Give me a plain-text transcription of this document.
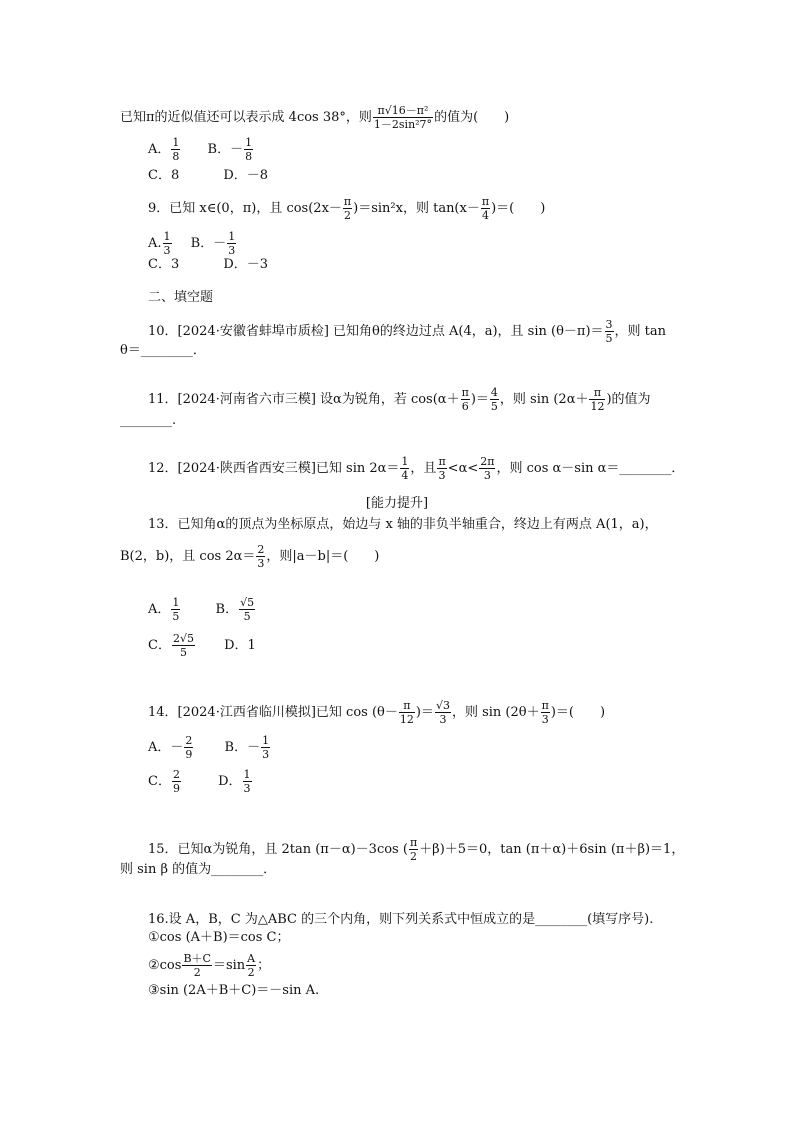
已知π的近似值还可以表示成 4cos 38°，则 $\frac{\text{π√16－π²}}{\text{1－2sin²7°}}$ 的值为(　　)
A． $\frac{1}{8}$ B．－ $\frac{1}{8}$
C．8	D．－8
9．已知 x∈(0，π)，且 $\cos(2x- \frac{\pi}{2} )=\sin^2x$，则 $\tan(x- \frac{\pi}{4}$ )＝(　　)
A. $\frac{1}{3}$ B．－ $\frac{1}{3}$
C．3	D．－3
二、填空题
10．[2024·安徽省蚌埠市质检] 已知角θ的终边过点 A(4，a)，且 $\sin (\theta-\pi)= \frac{3}{5}$ ，则 tan
θ＝________．
11．[2024·河南省六市三模] 设α为锐角，若 $\cos(\alpha+ \frac{\pi}{6}$ )＝ $\frac{4}{5}$ ，则 $\sin (2\alpha+ \frac{\pi}{12}$ )的值为
________.
12．[2024·陕西省西安三模]已知 $\sin 2\alpha= \frac{1}{4}$ ，且 $\frac{\pi}{3} <\alpha< \frac{2\pi}{3}$ ，则 cos α－sin α＝________．
[能力提升]
13．已知角α的顶点为坐标原点，始边与 x 轴的非负半轴重合，终边上有两点 A(1，a)，
B(2，b)，且 $\cos 2\alpha= \frac{2}{3}$ ，则|a－b|＝(　　)
A． $\frac{1}{5}$	B． $\frac{√5}{5}$
C． $\frac{2√5}{5}$ D．1
14．[2024·江西省临川模拟]已知 $\cos (\theta- \frac{\pi}{12}$ )＝ $\frac{√3}{3}$ ，则 $\sin (2\theta+ \frac{\pi}{3}$ )＝(　　)
A．－ $\frac{2}{9}$ B．－ $\frac{1}{3}$
C． $\frac{2}{9}$	D． $\frac{1}{3}$
15．已知α为锐角，且 2tan (π－α)－3cos ( $\frac{\pi}{2} +\beta)+5=0$，tan (π＋α)＋6sin (π＋β)＝1，
则 sin β 的值为________．
16.设 A，B，C 为△ABC 的三个内角，则下列关系式中恒成立的是________(填写序号).
①cos (A＋B)＝cos C；
②cos $\frac{B+C}{2} =\sin \frac{A}{2}$ ；
③sin (2A＋B＋C)＝－sin A.
